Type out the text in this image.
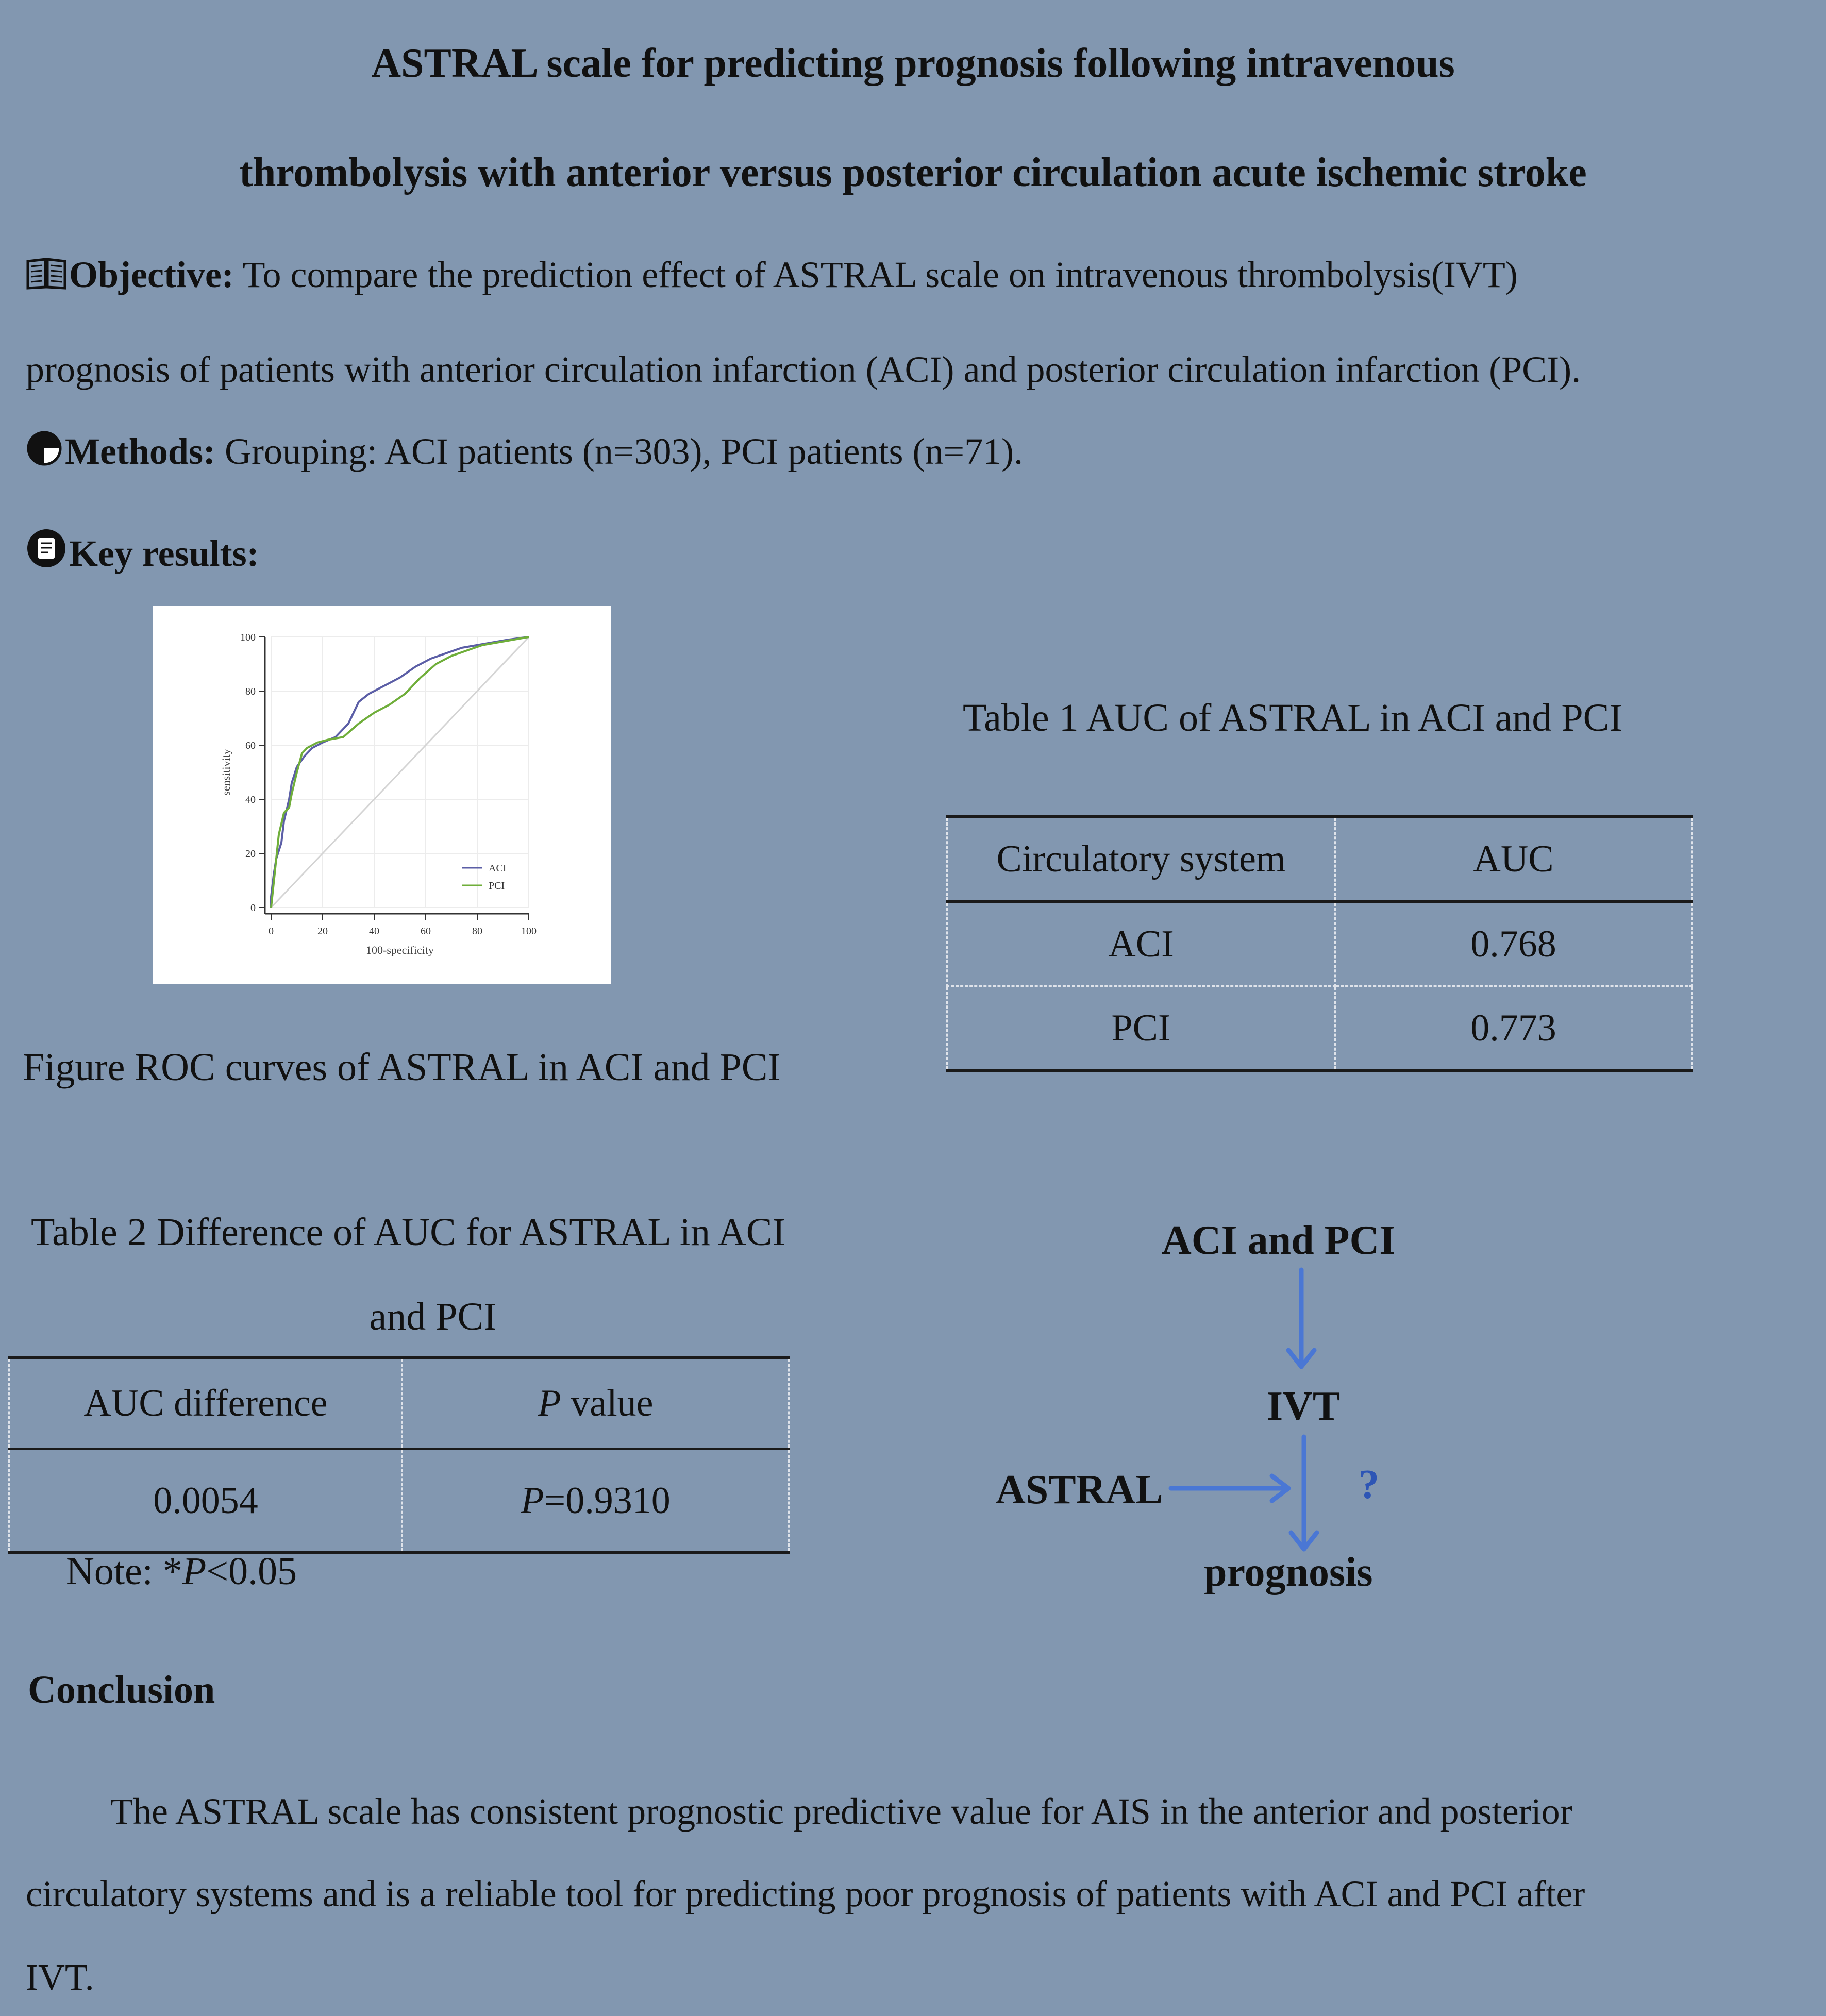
ASTRAL scale for predicting prognosis following intravenous
thrombolysis with anterior versus posterior circulation acute ischemic stroke
Objective: To compare the prediction effect of ASTRAL scale on intravenous thrombolysis(IVT)
prognosis of patients with anterior circulation infarction (ACI) and posterior circulation infarction (PCI).
Methods: Grouping: ACI patients (n=303), PCI patients (n=71).
Key results:
0	20	40	60	80	100
0
20
40
60
80
100
100-specificity
sensitivity
ACI
PCI
Figure ROC curves of ASTRAL in ACI and PCI
Table 1 AUC of ASTRAL in ACI and PCI
Circulatory system	AUC
ACI	0.768
PCI	0.773
Table 2 Difference of AUC for ASTRAL in ACI
and PCI
AUC difference	P value
0.0054	P=0.9310
Note: *P<0.05
ACI and PCI
IVT
ASTRAL	?
prognosis
Conclusion
The ASTRAL scale has consistent prognostic predictive value for AIS in the anterior and posterior
circulatory systems and is a reliable tool for predicting poor prognosis of patients with ACI and PCI after
IVT.
